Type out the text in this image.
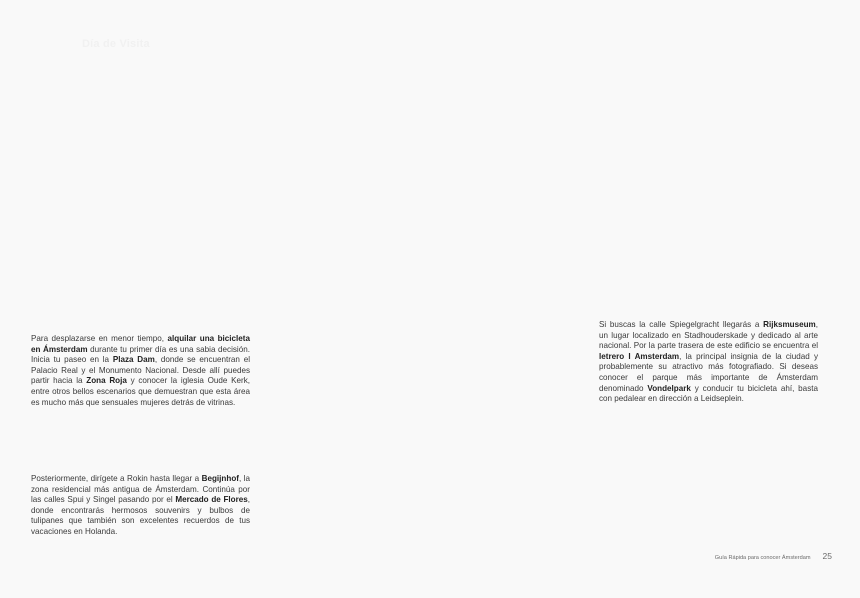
Día de Visita

Para desplazarse en menor tiempo, alquilar una bicicleta en Ámsterdam durante tu primer día es una sabia decisión. Inicia tu paseo en la Plaza Dam, donde se encuentran el Palacio Real y el Monumento Nacional. Desde allí puedes partir hacia la Zona Roja y conocer la iglesia Oude Kerk, entre otros bellos escenarios que demuestran que esta área es mucho más que sensuales mujeres detrás de vitrinas.

Posteriormente, dirígete a Rokin hasta llegar a Begijnhof, la zona residencial más antigua de Ámsterdam. Continúa por las calles Spui y Singel pasando por el Mercado de Flores, donde encontrarás hermosos souvenirs y bulbos de tulipanes que también son excelentes recuerdos de tus vacaciones en Holanda.

Si buscas la calle Spiegelgracht llegarás a Rijksmuseum, un lugar localizado en Stadhouderskade y dedicado al arte nacional. Por la parte trasera de este edificio se encuentra el letrero I Amsterdam, la principal insignia de la ciudad y probablemente su atractivo más fotografiado. Si deseas conocer el parque más importante de Ámsterdam denominado Vondelpark y conducir tu bicicleta ahí, basta con pedalear en dirección a Leidseplein.

Guía Rápida para conocer Ámsterdam 25
